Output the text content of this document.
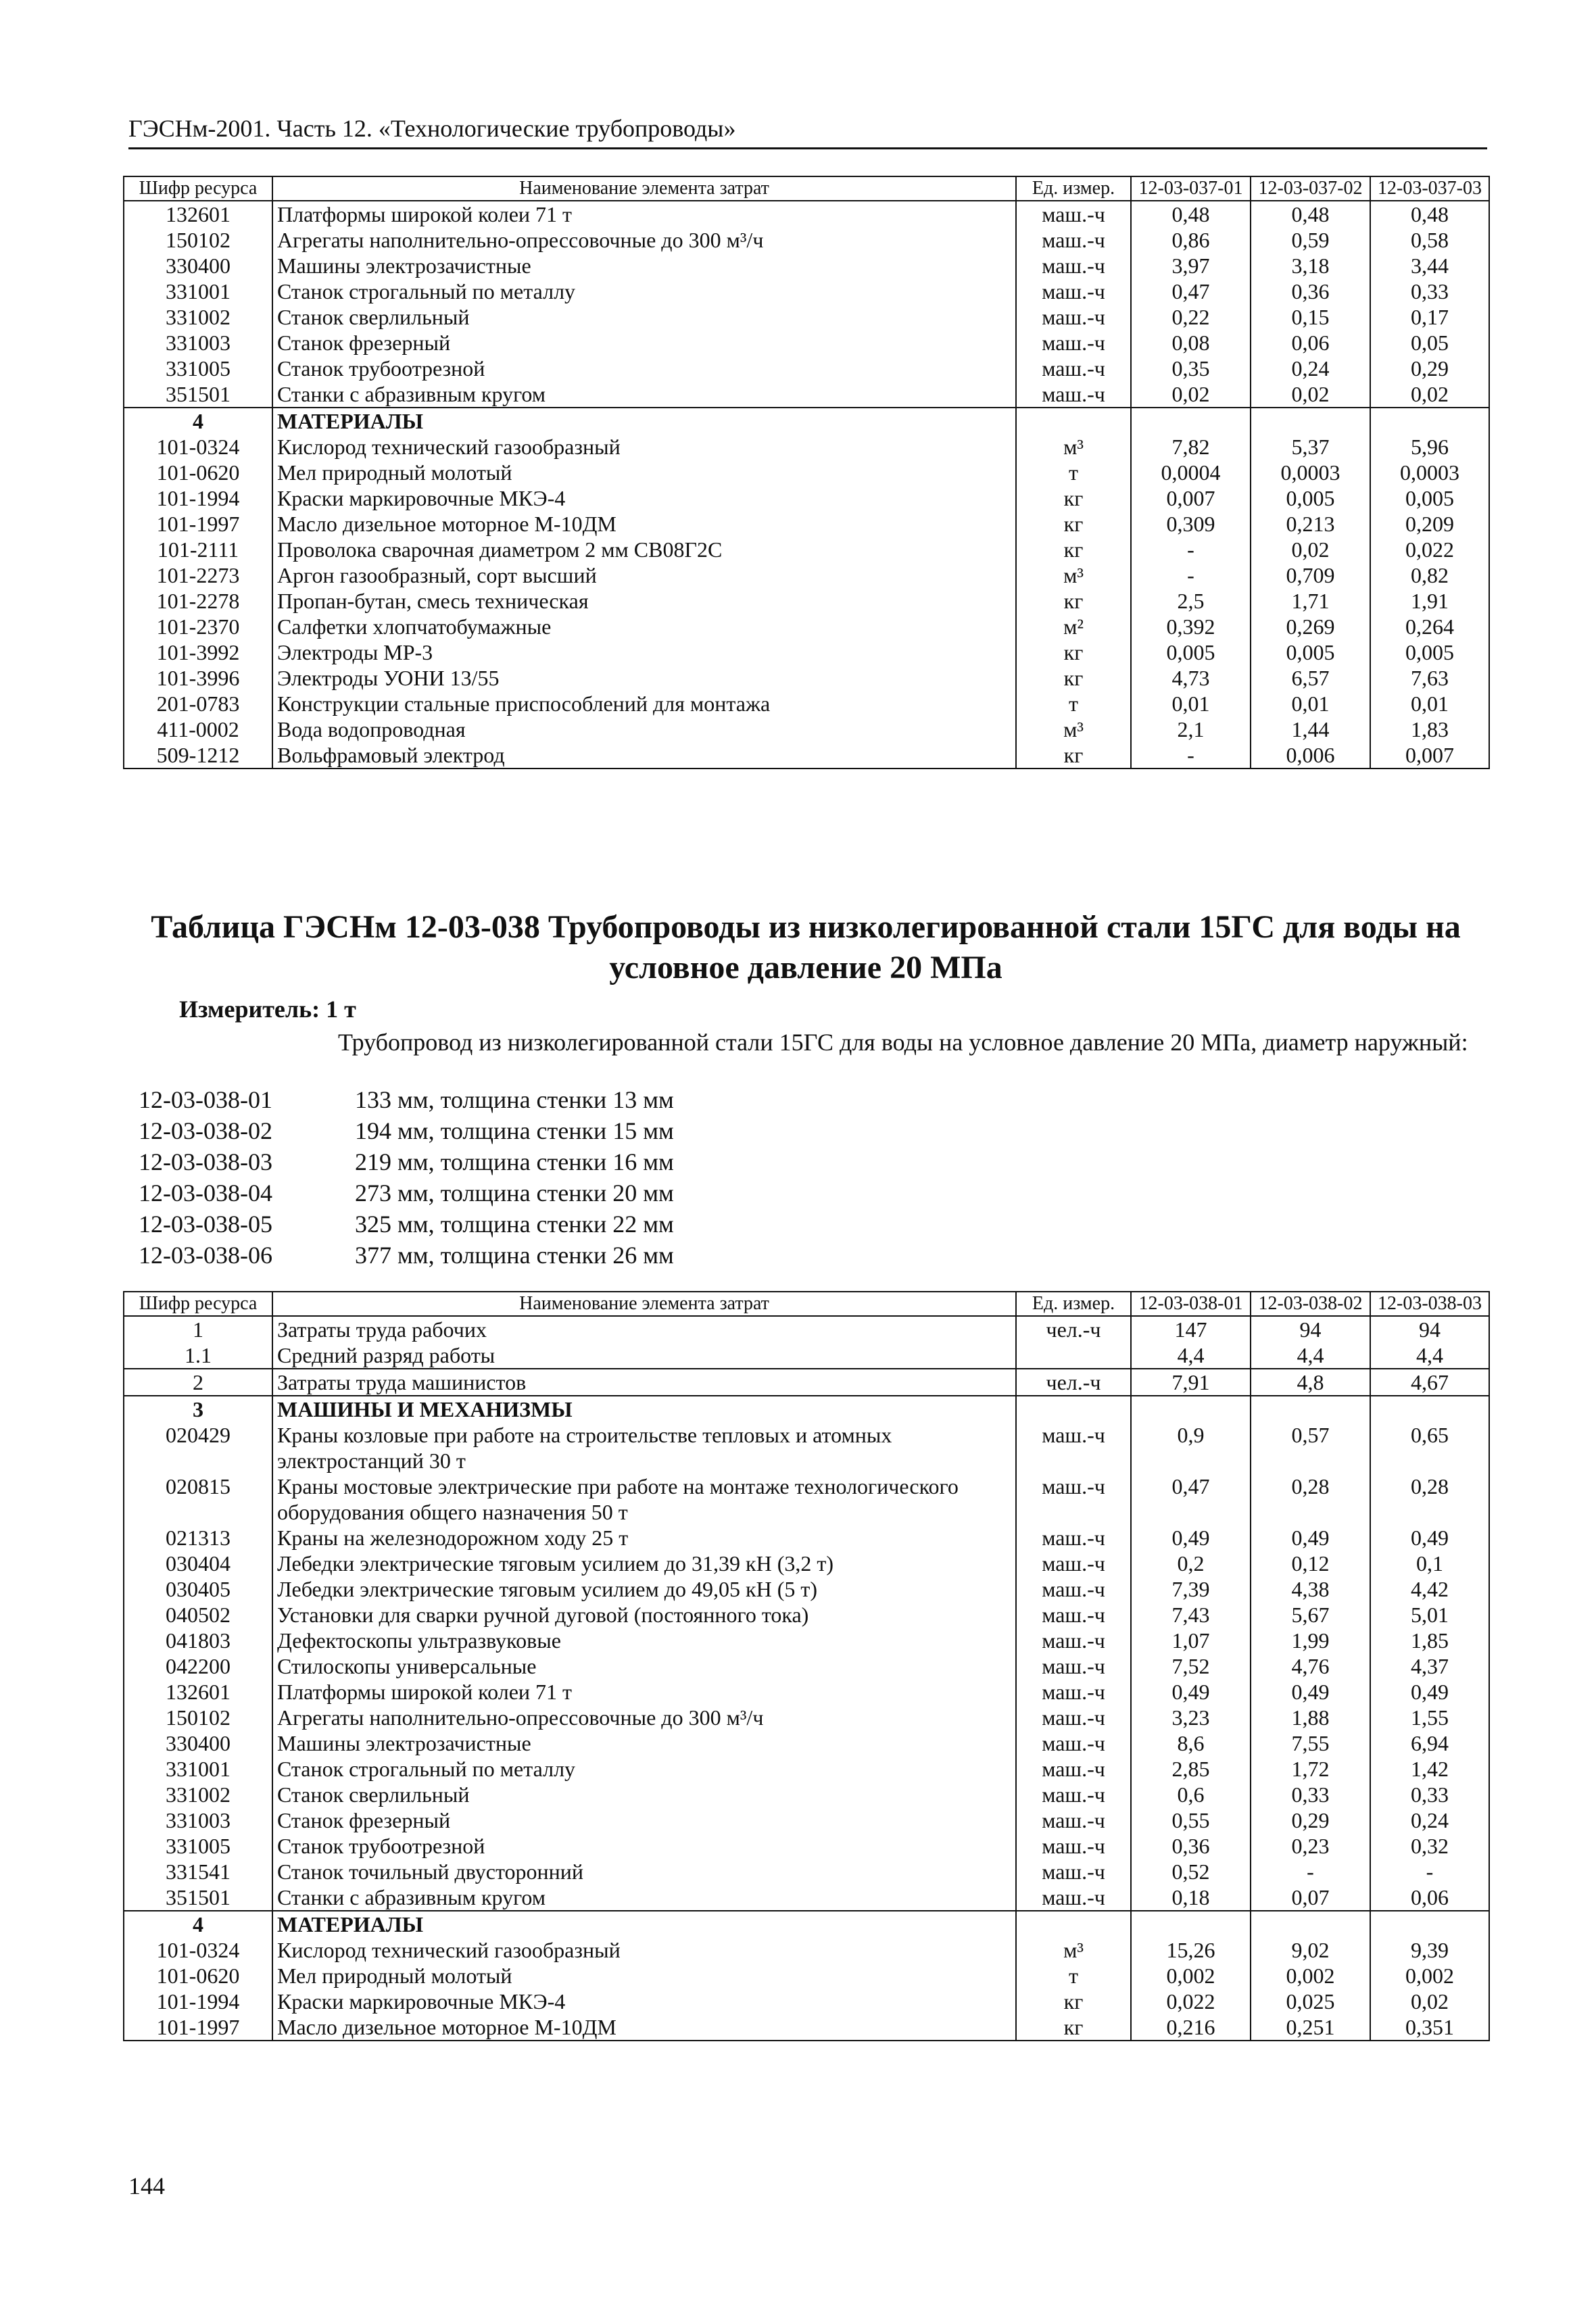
ГЭСНм-2001. Часть 12. «Технологические трубопроводы»
Шифр ресурса	Наименование элемента затрат	Ед. измер.	12-03-037-01	12-03-037-02	12-03-037-03
132601	Платформы широкой колеи 71 т	маш.-ч	0,48	0,48	0,48
150102	Агрегаты наполнительно-опрессовочные до 300 м³/ч	маш.-ч	0,86	0,59	0,58
330400	Машины электрозачистные	маш.-ч	3,97	3,18	3,44
331001	Станок строгальный по металлу	маш.-ч	0,47	0,36	0,33
331002	Станок сверлильный	маш.-ч	0,22	0,15	0,17
331003	Станок фрезерный	маш.-ч	0,08	0,06	0,05
331005	Станок трубоотрезной	маш.-ч	0,35	0,24	0,29
351501	Станки с абразивным кругом	маш.-ч	0,02	0,02	0,02
4	МАТЕРИАЛЫ				
101-0324	Кислород технический газообразный	м³	7,82	5,37	5,96
101-0620	Мел природный молотый	т	0,0004	0,0003	0,0003
101-1994	Краски маркировочные МКЭ-4	кг	0,007	0,005	0,005
101-1997	Масло дизельное моторное М-10ДМ	кг	0,309	0,213	0,209
101-2111	Проволока сварочная диаметром 2 мм СВ08Г2С	кг	-	0,02	0,022
101-2273	Аргон газообразный, сорт высший	м³	-	0,709	0,82
101-2278	Пропан-бутан, смесь техническая	кг	2,5	1,71	1,91
101-2370	Салфетки хлопчатобумажные	м²	0,392	0,269	0,264
101-3992	Электроды МР-3	кг	0,005	0,005	0,005
101-3996	Электроды УОНИ 13/55	кг	4,73	6,57	7,63
201-0783	Конструкции стальные приспособлений для монтажа	т	0,01	0,01	0,01
411-0002	Вода водопроводная	м³	2,1	1,44	1,83
509-1212	Вольфрамовый электрод	кг	-	0,006	0,007
Таблица ГЭСНм 12-03-038 Трубопроводы из низколегированной стали 15ГС для воды на условное давление 20 МПа
Измеритель: 1 т
Трубопровод из низколегированной стали 15ГС для воды на условное давление 20 МПа, диаметр наружный:
12-03-038-01	133 мм, толщина стенки 13 мм
12-03-038-02	194 мм, толщина стенки 15 мм
12-03-038-03	219 мм, толщина стенки 16 мм
12-03-038-04	273 мм, толщина стенки 20 мм
12-03-038-05	325 мм, толщина стенки 22 мм
12-03-038-06	377 мм, толщина стенки 26 мм
Шифр ресурса	Наименование элемента затрат	Ед. измер.	12-03-038-01	12-03-038-02	12-03-038-03
1	Затраты труда рабочих	чел.-ч	147	94	94
1.1	Средний разряд работы		4,4	4,4	4,4
2	Затраты труда машинистов	чел.-ч	7,91	4,8	4,67
3	МАШИНЫ И МЕХАНИЗМЫ				
020429	Краны козловые при работе на строительстве тепловых и атомных электростанций 30 т	маш.-ч	0,9	0,57	0,65
020815	Краны мостовые электрические при работе на монтаже технологического оборудования общего назначения 50 т	маш.-ч	0,47	0,28	0,28
021313	Краны на железнодорожном ходу 25 т	маш.-ч	0,49	0,49	0,49
030404	Лебедки электрические тяговым усилием до 31,39 кН (3,2 т)	маш.-ч	0,2	0,12	0,1
030405	Лебедки электрические тяговым усилием до 49,05 кН (5 т)	маш.-ч	7,39	4,38	4,42
040502	Установки для сварки ручной дуговой (постоянного тока)	маш.-ч	7,43	5,67	5,01
041803	Дефектоскопы ультразвуковые	маш.-ч	1,07	1,99	1,85
042200	Стилоскопы универсальные	маш.-ч	7,52	4,76	4,37
132601	Платформы широкой колеи 71 т	маш.-ч	0,49	0,49	0,49
150102	Агрегаты наполнительно-опрессовочные до 300 м³/ч	маш.-ч	3,23	1,88	1,55
330400	Машины электрозачистные	маш.-ч	8,6	7,55	6,94
331001	Станок строгальный по металлу	маш.-ч	2,85	1,72	1,42
331002	Станок сверлильный	маш.-ч	0,6	0,33	0,33
331003	Станок фрезерный	маш.-ч	0,55	0,29	0,24
331005	Станок трубоотрезной	маш.-ч	0,36	0,23	0,32
331541	Станок точильный двусторонний	маш.-ч	0,52	-	-
351501	Станки с абразивным кругом	маш.-ч	0,18	0,07	0,06
4	МАТЕРИАЛЫ				
101-0324	Кислород технический газообразный	м³	15,26	9,02	9,39
101-0620	Мел природный молотый	т	0,002	0,002	0,002
101-1994	Краски маркировочные МКЭ-4	кг	0,022	0,025	0,02
101-1997	Масло дизельное моторное М-10ДМ	кг	0,216	0,251	0,351
144
